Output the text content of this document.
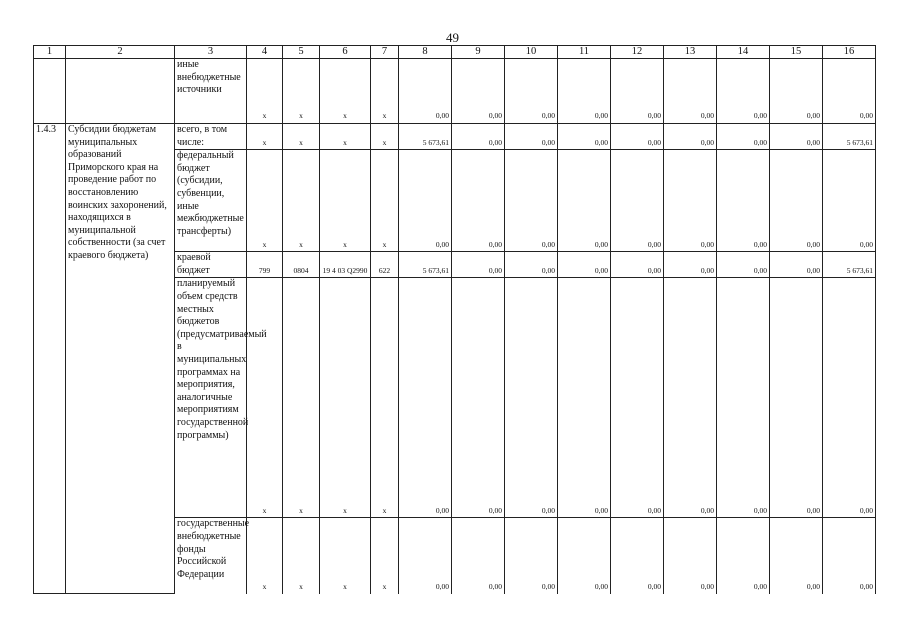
49
1	2	3	4	5	6	7	8	9	10	11	12	13	14	15	16
		иные внебюджетные источники	x	x	x	x	0,00	0,00	0,00	0,00	0,00	0,00	0,00	0,00	0,00
1.4.3	Субсидии бюджетам муниципальных образований Приморского края на проведение работ по восстановлению воинских захоронений, находящихся в муниципальной собственности (за счет краевого бюджета)	всего, в том числе:	x	x	x	x	5 673,61	0,00	0,00	0,00	0,00	0,00	0,00	0,00	5 673,61
		федеральный бюджет (субсидии, субвенции, иные межбюджетные трансферты)	x	x	x	x	0,00	0,00	0,00	0,00	0,00	0,00	0,00	0,00	0,00
		краевой бюджет	799	0804	19 4 03 Q2990	622	5 673,61	0,00	0,00	0,00	0,00	0,00	0,00	0,00	5 673,61
		планируемый объем средств местных бюджетов (предусматриваемый в муниципальных программах на мероприятия, аналогичные мероприятиям государственной программы)	x	x	x	x	0,00	0,00	0,00	0,00	0,00	0,00	0,00	0,00	0,00
		государственные внебюджетные фонды Российской Федерации	x	x	x	x	0,00	0,00	0,00	0,00	0,00	0,00	0,00	0,00	0,00
